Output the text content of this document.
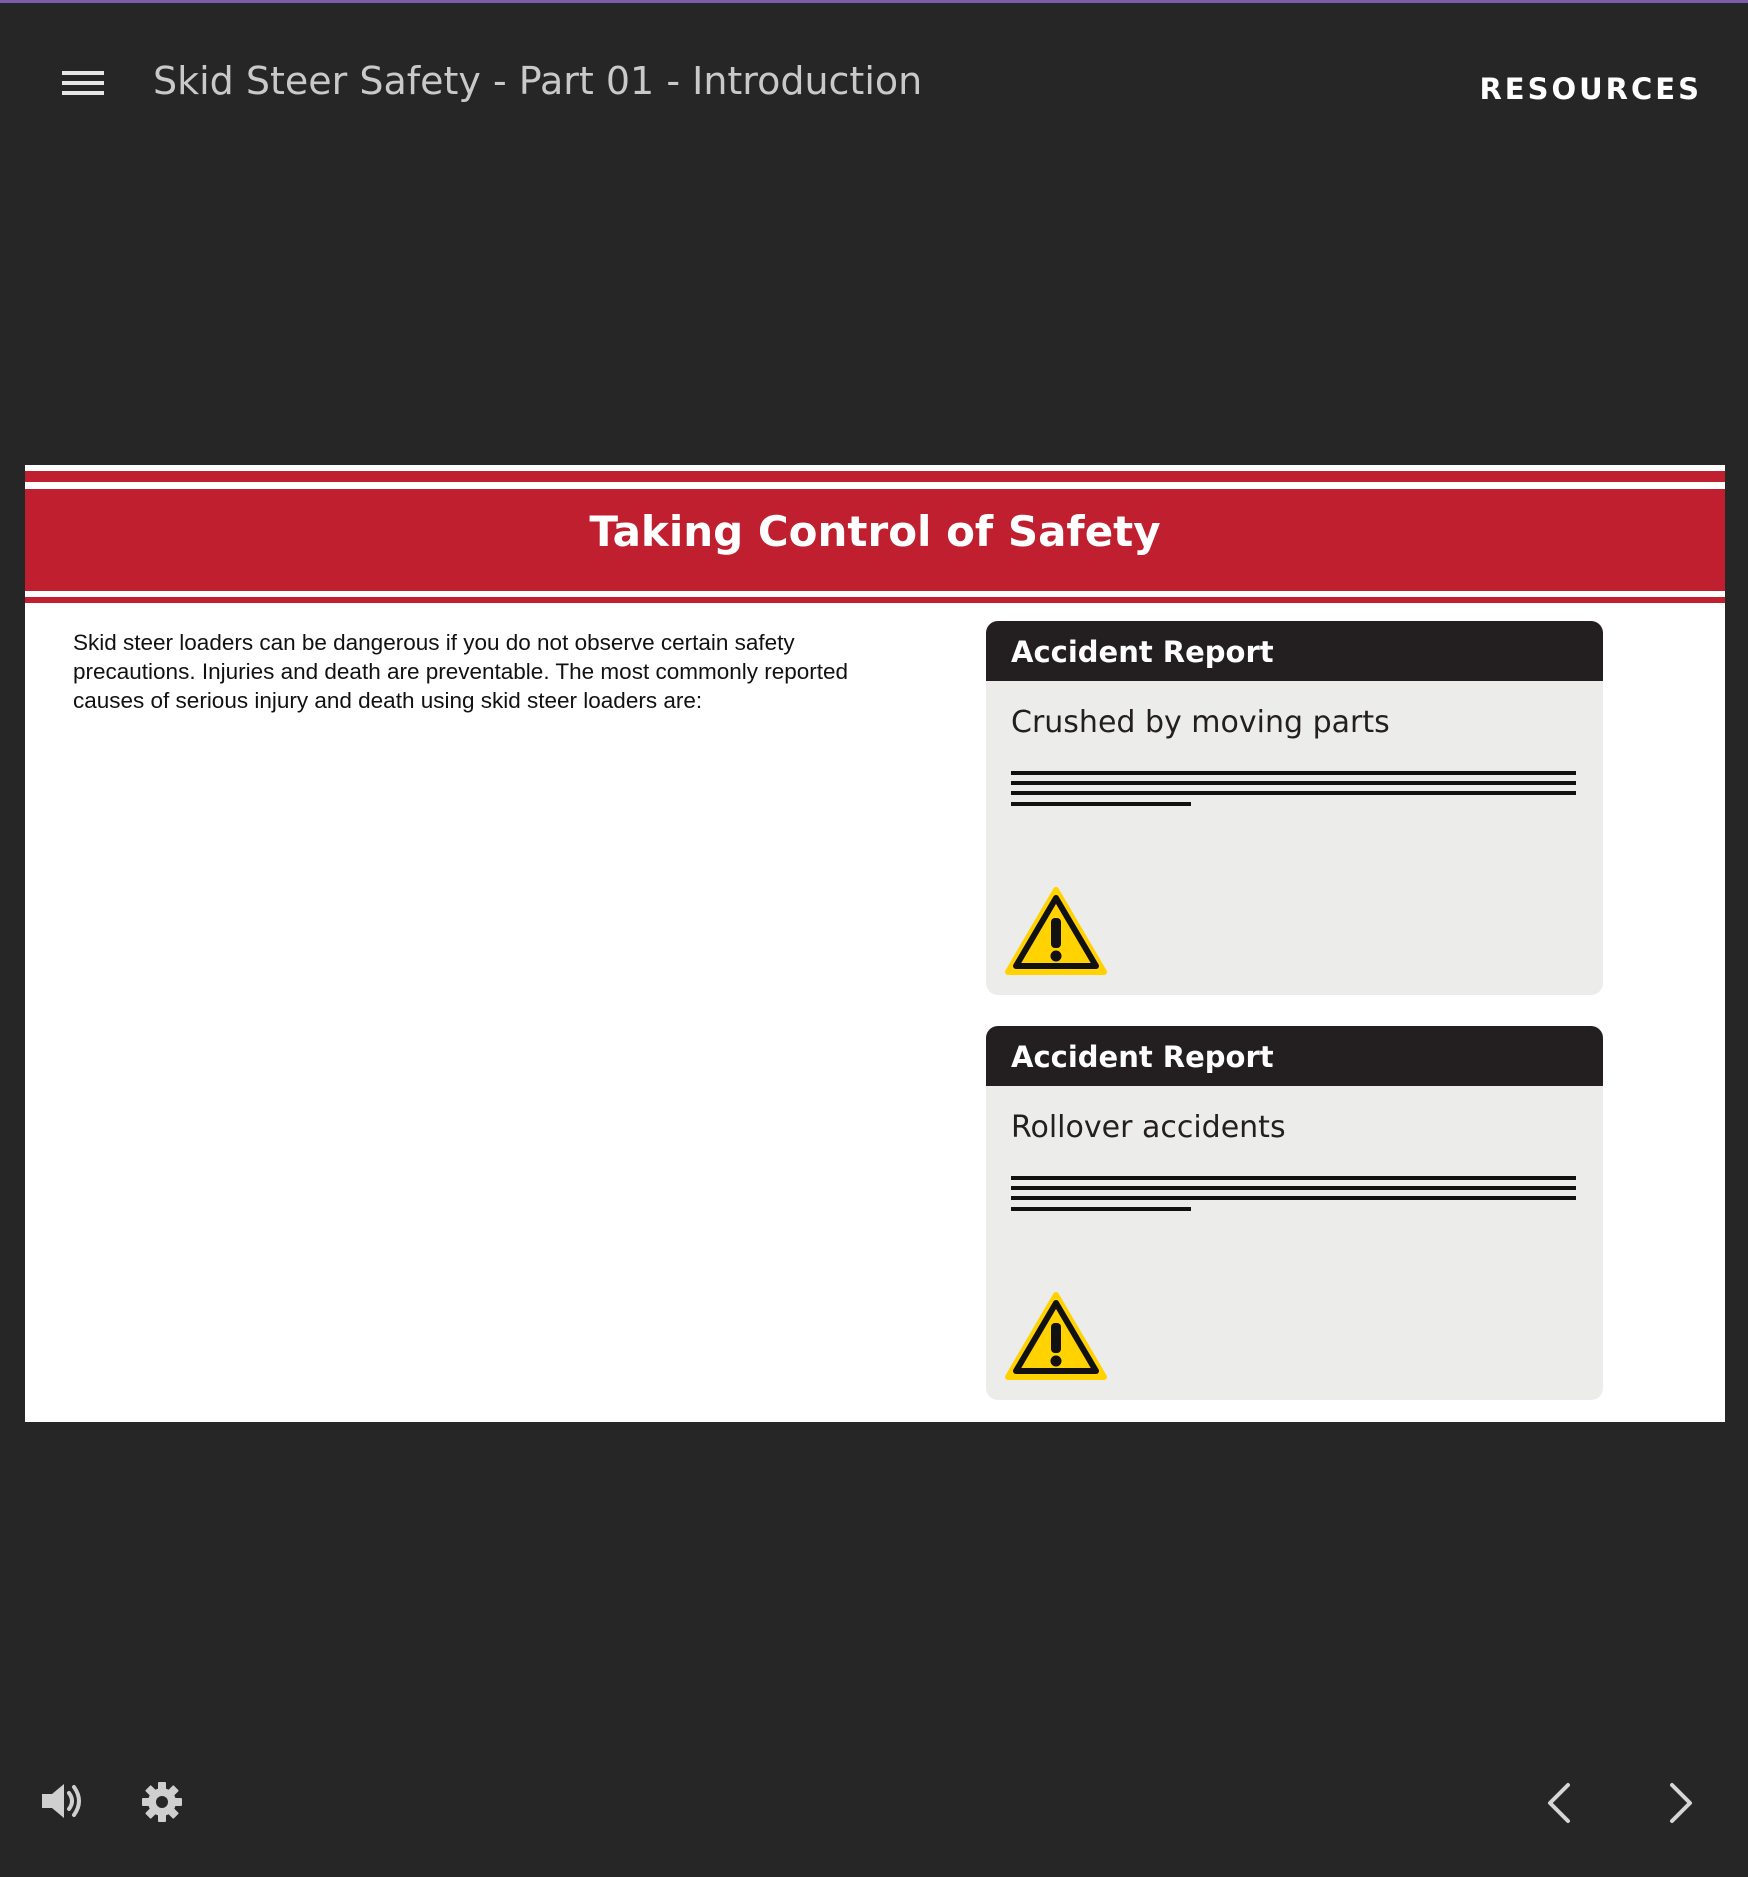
Skid Steer Safety - Part 01 - Introduction	RESOURCES
Taking Control of Safety
Skid steer loaders can be dangerous if you do not observe certain safety precautions. Injuries and death are preventable. The most commonly reported causes of serious injury and death using skid steer loaders are:
Accident Report
Crushed by moving parts
Accident Report
Rollover accidents
